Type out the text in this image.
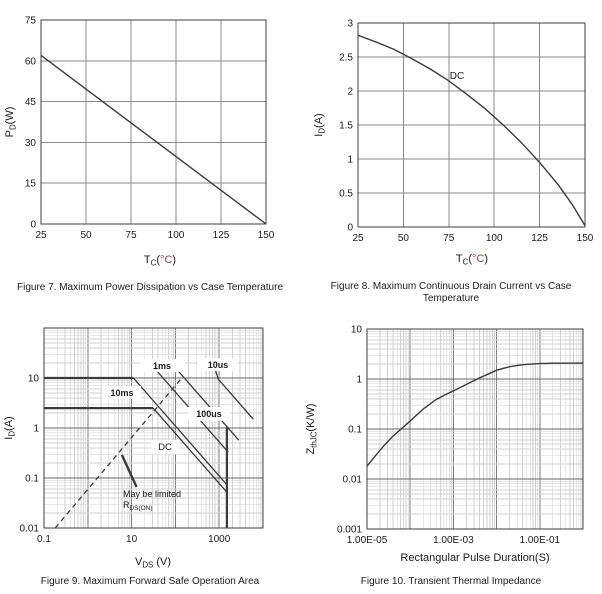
25	50	75	100	125	150
0
15
30
45
60
75
$T_C(^\circ C)$
$P_D(W)$
Figure 7. Maximum Power Dissipation vs Case Temperature
25	50	75	100	125	150
0
0.5
1
1.5
2
2.5
3
$T_C(^\circ C)$
$I_D(A)$
DC
Figure 8. Maximum Continuous Drain Current vs Case
Temperature
0.1	10	1000
0.01
0.1
1
10
$V_{DS}$ (V)
$I_D(A)$
10ms
1ms	10us
100us
DC
May be limited
$R_{DS(ON)}$
Figure 9. Maximum Forward Safe Operation Area
1.00E-05	1.00E-03	1.00E-01
0.001
0.01
0.1
1
10
Rectangular Pulse Duration(S)
$Z_{thJC}(K/W)$
Figure 10. Transient Thermal Impedance
